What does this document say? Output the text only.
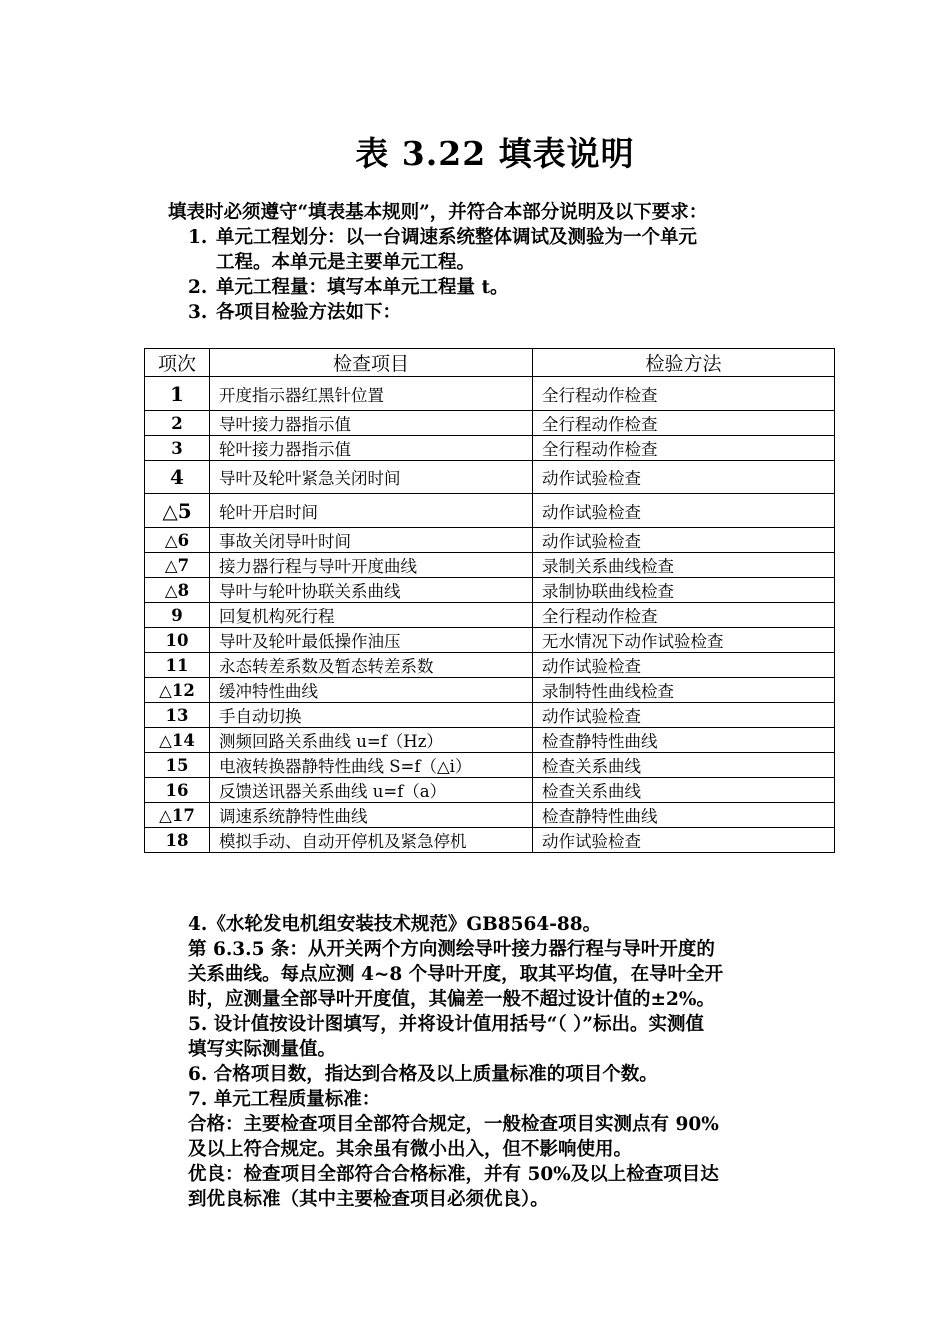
表 3.22 填表说明
填表时必须遵守“填表基本规则”，并符合本部分说明及以下要求：
1. 单元工程划分：以一台调速系统整体调试及测验为一个单元
工程。本单元是主要单元工程。
2. 单元工程量：填写本单元工程量 t。
3. 各项目检验方法如下：
项次	检查项目	检验方法
1	开度指示器红黑针位置	全行程动作检查
2	导叶接力器指示值	全行程动作检查
3	轮叶接力器指示值	全行程动作检查
4	导叶及轮叶紧急关闭时间	动作试验检查
△5	轮叶开启时间	动作试验检查
△6	事故关闭导叶时间	动作试验检查
△7	接力器行程与导叶开度曲线	录制关系曲线检查
△8	导叶与轮叶协联关系曲线	录制协联曲线检查
9	回复机构死行程	全行程动作检查
10	导叶及轮叶最低操作油压	无水情况下动作试验检查
11	永态转差系数及暂态转差系数	动作试验检查
△12	缓冲特性曲线	录制特性曲线检查
13	手自动切换	动作试验检查
△14	测频回路关系曲线 u=f（Hz）	检查静特性曲线
15	电液转换器静特性曲线 S=f（△i）	检查关系曲线
16	反馈送讯器关系曲线 u=f（a）	检查关系曲线
△17	调速系统静特性曲线	检查静特性曲线
18	模拟手动、自动开停机及紧急停机	动作试验检查

4.《水轮发电机组安装技术规范》GB8564-88。

第 6.3.5 条：从开关两个方向测绘导叶接力器行程与导叶开度的

关系曲线。每点应测 4~8 个导叶开度，取其平均值，在导叶全开

时，应测量全部导叶开度值，其偏差一般不超过设计值的±2%。

5. 设计值按设计图填写，并将设计值用括号“（ ）”标出。实测值

填写实际测量值。

6. 合格项目数，指达到合格及以上质量标准的项目个数。

7. 单元工程质量标准：

合格：主要检查项目全部符合规定，一般检查项目实测点有 90%

及以上符合规定。其余虽有微小出入，但不影响使用。

优良：检查项目全部符合合格标准，并有 50%及以上检查项目达

到优良标准（其中主要检查项目必须优良）。
